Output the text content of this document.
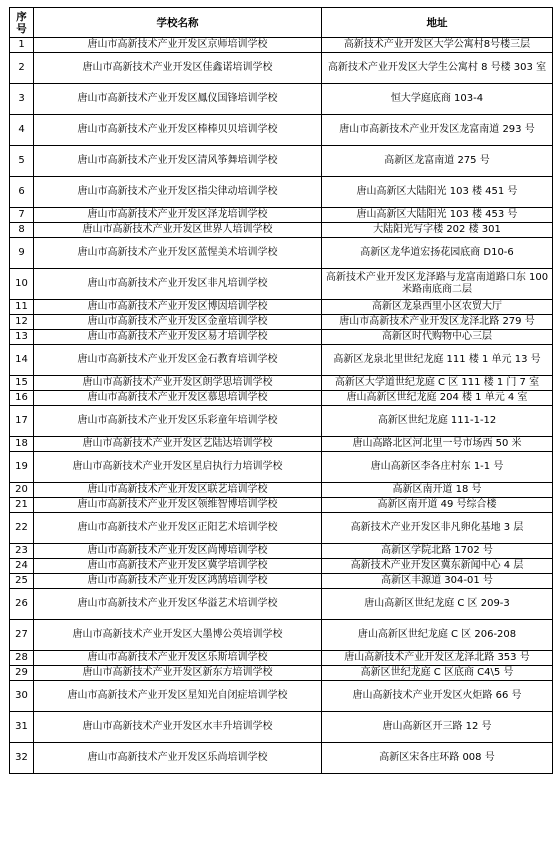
序号	学校名称	地址
1	唐山市高新技术产业开发区京师培训学校	高新技术产业开发区大学公寓村8号楼三层
2	唐山市高新技术产业开发区佳鑫诺培训学校	高新技术产业开发区大学生公寓村 8 号楼 303 室
3	唐山市高新技术产业开发区鳳仪国锋培训学校	恒大学庭底商 103-4
4	唐山市高新技术产业开发区棒棒贝贝培训学校	唐山市高新技术产业开发区龙富南道 293 号
5	唐山市高新技术产业开发区清风筝舞培训学校	高新区龙富南道 275 号
6	唐山市高新技术产业开发区指尖律动培训学校	唐山高新区大陆阳光 103 楼 451 号
7	唐山市高新技术产业开发区泽龙培训学校	唐山高新区大陆阳光 103 楼 453 号
8	唐山市高新技术产业开发区世界人培训学校	大陆阳光写字楼 202 楼 301
9	唐山市高新技术产业开发区蓝惺美术培训学校	高新区龙华道宏扬花园底商 D10-6
10	唐山市高新技术产业开发区非凡培训学校	高新技术产业开发区龙泽路与龙富南道路口东 100 米路南底商二层
11	唐山市高新技术产业开发区博因培训学校	高新区龙泉西里小区农贸大厅
12	唐山市高新技术产业开发区金童培训学校	唐山市高新技术产业开发区龙泽北路 279 号
13	唐山市高新技术产业开发区易才培训学校	高新区时代购物中心三层
14	唐山市高新技术产业开发区金石教育培训学校	高新区龙泉北里世纪龙庭 111 楼 1 单元 13 号
15	唐山市高新技术产业开发区朗学思培训学校	高新区大学道世纪龙庭 C 区 111 楼 1 门 7 室
16	唐山市高新技术产业开发区慕思培训学校	唐山高新区世纪龙庭 204 楼 1 单元 4 室
17	唐山市高新技术产业开发区乐彩童年培训学校	高新区世纪龙庭 111-1-12
18	唐山市高新技术产业开发区艺陆达培训学校	唐山高路北区河北里一号市场西 50 米
19	唐山市高新技术产业开发区星启执行力培训学校	唐山高新区李各庄村东 1-1 号
20	唐山市高新技术产业开发区联艺培训学校	高新区南开道 18 号
21	唐山市高新技术产业开发区领维智博培训学校	高新区南开道 49 号综合楼
22	唐山市高新技术产业开发区正阳艺术培训学校	高新技术产业开发区非凡卵化基地 3 层
23	唐山市高新技术产业开发区尚博培训学校	高新区学院北路 1702 号
24	唐山市高新技术产业开发区冀学培训学校	高新技术产业开发区冀东新闻中心 4 层
25	唐山市高新技术产业开发区鸿鹄培训学校	高新区丰源道 304-01 号
26	唐山市高新技术产业开发区华溢艺术培训学校	唐山高新区世纪龙庭 C 区 209-3
27	唐山市高新技术产业开发区大墨博公英培训学校	唐山高新区世纪龙庭 C 区 206-208
28	唐山市高新技术产业开发区乐斯培训学校	唐山高新技术产业开发区龙泽北路 353 号
29	唐山市高新技术产业开发区新东方培训学校	高新区世纪龙庭 C 区底商 C4\5 号
30	唐山市高新技术产业开发区星知光自闭症培训学校	唐山高新技术产业开发区火炬路 66 号
31	唐山市高新技术产业开发区水丰升培训学校	唐山高新区开三路 12 号
32	唐山市高新技术产业开发区乐尚培训学校	高新区宋各庄环路 008 号
